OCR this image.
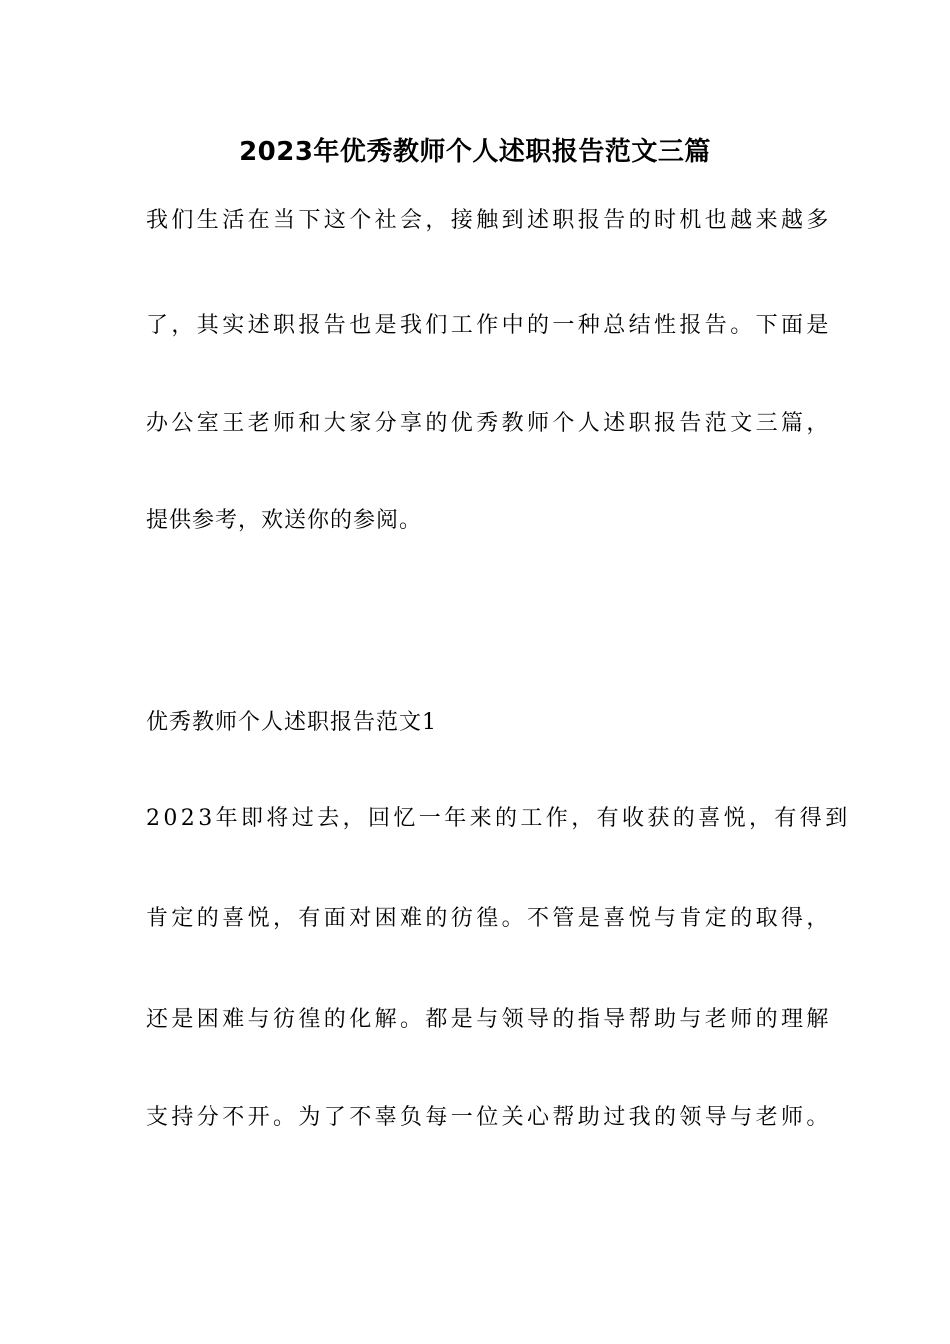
2023年优秀教师个人述职报告范文三篇
我们生活在当下这个社会，接触到述职报告的时机也越来越多
了，其实述职报告也是我们工作中的一种总结性报告。下面是
办公室王老师和大家分享的优秀教师个人述职报告范文三篇，
提供参考，欢送你的参阅。
优秀教师个人述职报告范文1
2023年即将过去，回忆一年来的工作，有收获的喜悦，有得到
肯定的喜悦，有面对困难的彷徨。不管是喜悦与肯定的取得，
还是困难与彷徨的化解。都是与领导的指导帮助与老师的理解
支持分不开。为了不辜负每一位关心帮助过我的领导与老师。
